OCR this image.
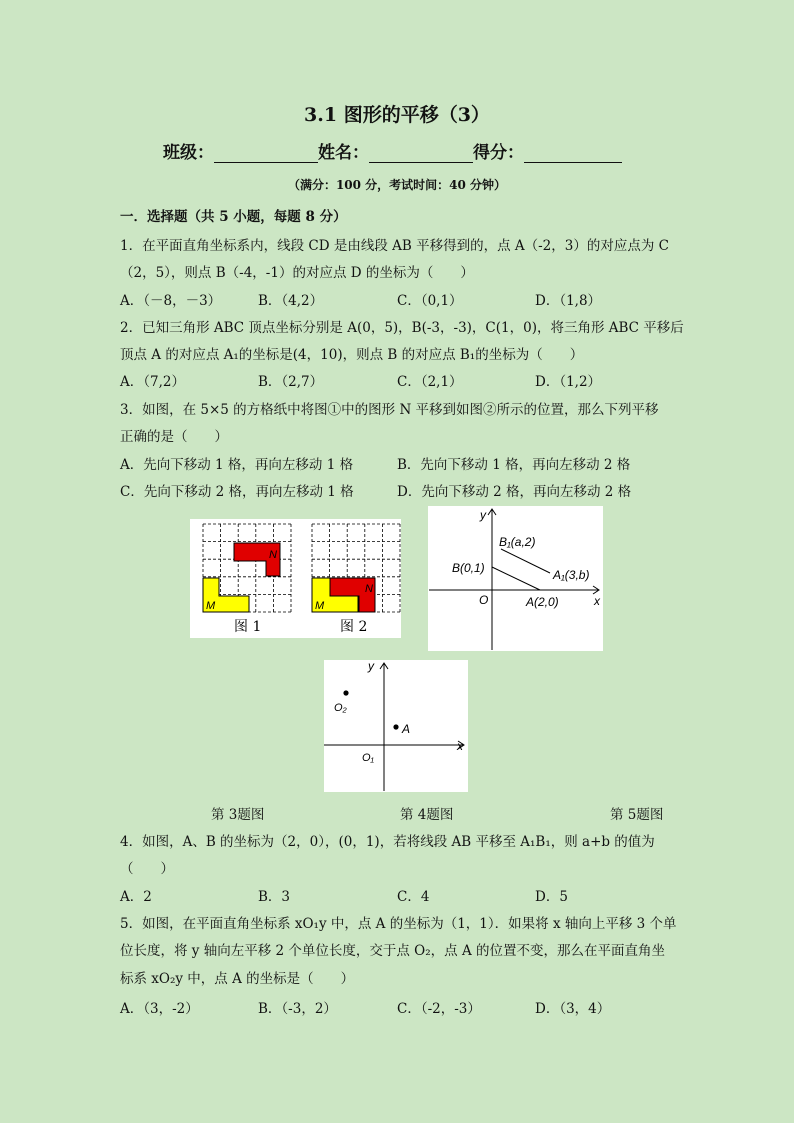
3.1 图形的平移（3）
班级：	姓名：	得分：
（满分：100 分，考试时间：40 分钟）
一．选择题（共 5 小题，每题 8 分）
1．在平面直角坐标系内，线段 CD 是由线段 AB 平移得到的，点 A（-2，3）的对应点为 C
（2，5），则点 B（-4，-1）的对应点 D 的坐标为（　　）
A．（－8，－3）	B．（4,2）	C．（0,1）	D．（1,8）
2．已知三角形 ABC 顶点坐标分别是 A(0，5)，B(-3，-3)，C(1，0)，将三角形 ABC 平移后
顶点 A 的对应点 A₁的坐标是(4，10)，则点 B 的对应点 B₁的坐标为（　　）
A．（7,2）	B．（2,7）	C．（2,1）	D．（1,2）
3．如图，在 5×5 的方格纸中将图①中的图形 N 平移到如图②所示的位置，那么下列平移
正确的是（　　）
A．先向下移动 1 格，再向左移动 1 格	B．先向下移动 1 格，再向左移动 2 格
C．先向下移动 2 格，再向左移动 1 格	D．先向下移动 2 格，再向左移动 2 格
N
M
N
M
图 1	图 2
y
x
O
B₁(a,2)
B(0,1)	A₁(3,b)
A(2,0)
y
x
O₂
A
O₁
第 3题图	第 4题图	第 5题图
4．如图，A、B 的坐标为（2，0），(0，1)，若将线段 AB 平移至 A₁B₁，则 a+b 的值为
（　　）
A．2	B．3	C．4	D．5
5．如图，在平面直角坐标系 xO₁y 中，点 A 的坐标为（1，1）．如果将 x 轴向上平移 3 个单
位长度，将 y 轴向左平移 2 个单位长度，交于点 O₂，点 A 的位置不变，那么在平面直角坐
标系 xO₂y 中，点 A 的坐标是（　　）
A．（3，-2）	B．（-3，2）	C．（-2，-3）	D．（3，4）
